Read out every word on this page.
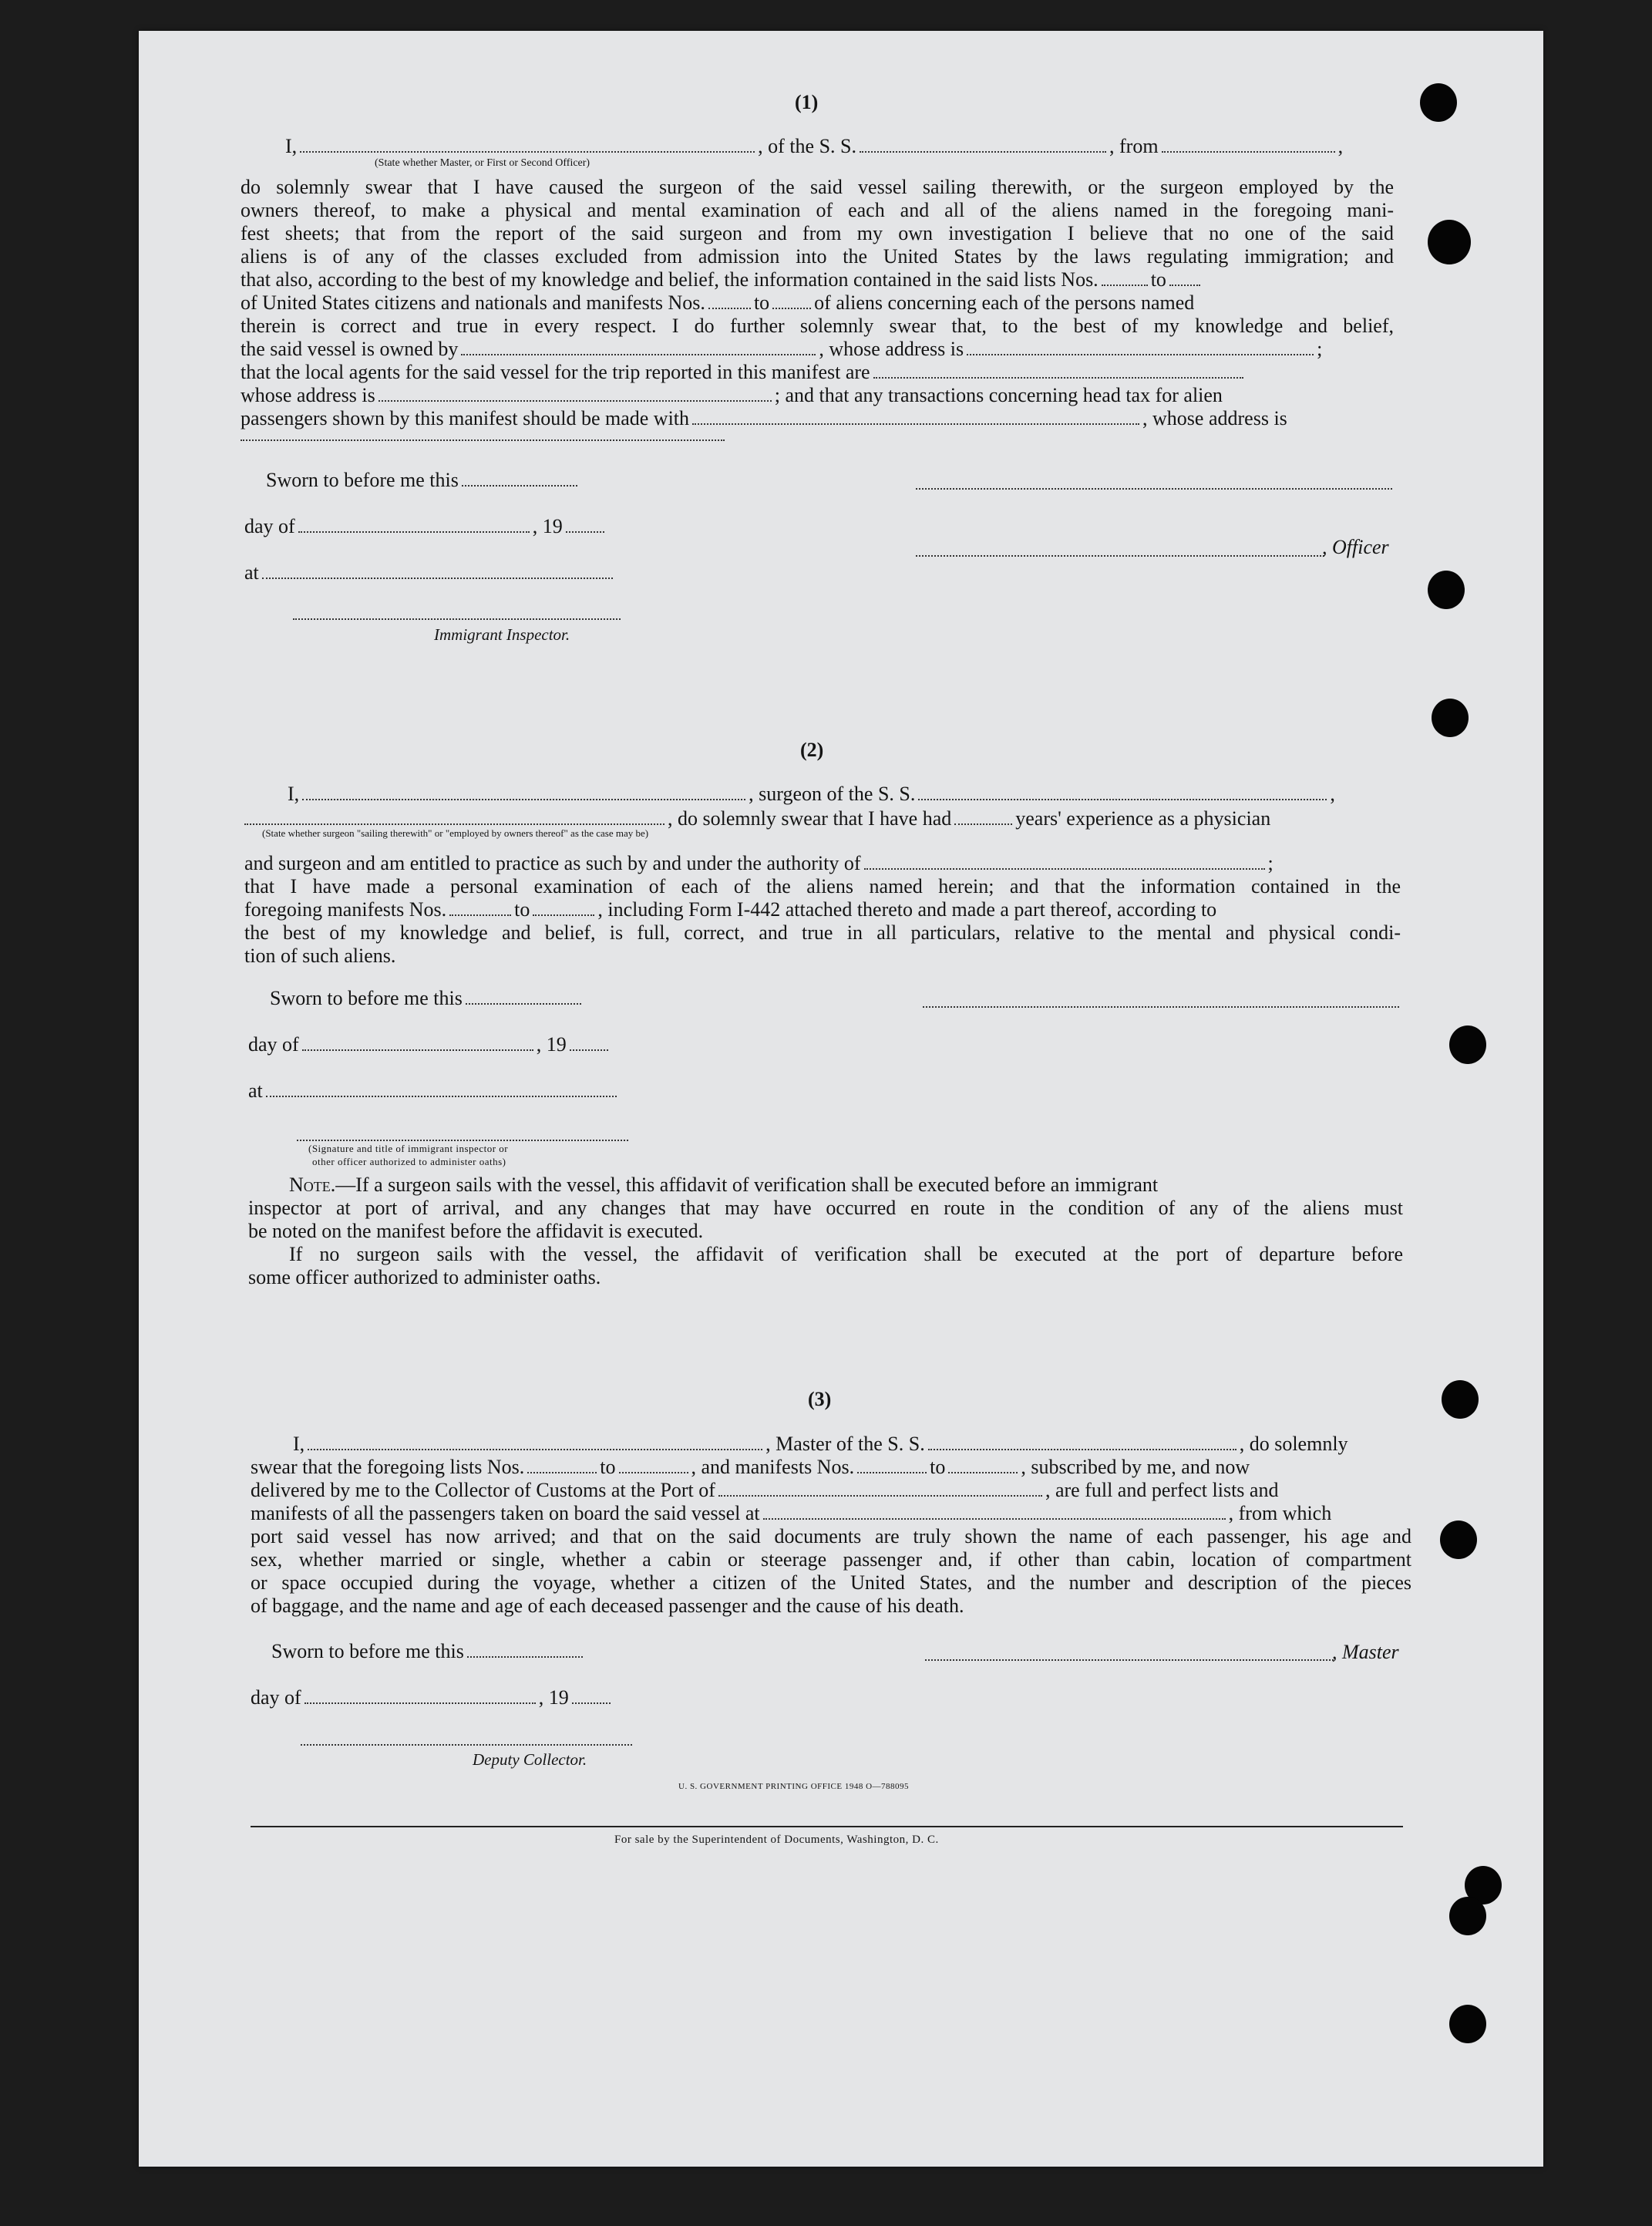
(1)
I,	, of the S. S.	, from	,
(State whether Master, or First or Second Officer)
do solemnly swear that I have caused the surgeon of the said vessel sailing therewith, or the surgeon employed by the
owners thereof, to make a physical and mental examination of each and all of the aliens named in the foregoing mani-
fest sheets; that from the report of the said surgeon and from my own investigation I believe that no one of the said
aliens is of any of the classes excluded from admission into the United States by the laws regulating immigration; and
that also, according to the best of my knowledge and belief, the information contained in the said lists Nos.	to
of United States citizens and nationals and manifests Nos. to of aliens concerning each of the persons named
therein is correct and true in every respect. I do further solemnly swear that, to the best of my knowledge and belief,
the said vessel is owned by	, whose address is	;
that the local agents for the said vessel for the trip reported in this manifest are
whose address is	; and that any transactions concerning head tax for alien
passengers shown by this manifest should be made with	, whose address is
Sworn to before me this
day of	, 19
at
Immigrant Inspector.
, Officer
(2)
I,	, surgeon of the S. S.	,
, do solemnly swear that I have had	years' experience as a physician
(State whether surgeon "sailing therewith" or "employed by owners thereof" as the case may be)
and surgeon and am entitled to practice as such by and under the authority of	;
that I have made a personal examination of each of the aliens named herein; and that the information contained in the
foregoing manifests Nos.	to	, including Form I-442 attached thereto and made a part thereof, according to
the best of my knowledge and belief, is full, correct, and true in all particulars, relative to the mental and physical condi-
tion of such aliens.
Sworn to before me this
day of	, 19
at
(Signature and title of immigrant inspector or
other officer authorized to administer oaths)
Note.—If a surgeon sails with the vessel, this affidavit of verification shall be executed before an immigrant
inspector at port of arrival, and any changes that may have occurred en route in the condition of any of the aliens must
be noted on the manifest before the affidavit is executed.
If no surgeon sails with the vessel, the affidavit of verification shall be executed at the port of departure before
some officer authorized to administer oaths.
(3)
I,	, Master of the S. S.	, do solemnly
swear that the foregoing lists Nos.	to	, and manifests Nos.	to	, subscribed by me, and now
delivered by me to the Collector of Customs at the Port of	, are full and perfect lists and
manifests of all the passengers taken on board the said vessel at	, from which
port said vessel has now arrived; and that on the said documents are truly shown the name of each passenger, his age and
sex, whether married or single, whether a cabin or steerage passenger and, if other than cabin, location of compartment
or space occupied during the voyage, whether a citizen of the United States, and the number and description of the pieces
of baggage, and the name and age of each deceased passenger and the cause of his death.
Sworn to before me this	, Master
day of	, 19
Deputy Collector.
U. S. GOVERNMENT PRINTING OFFICE 1948 O—788095
For sale by the Superintendent of Documents, Washington, D. C.
